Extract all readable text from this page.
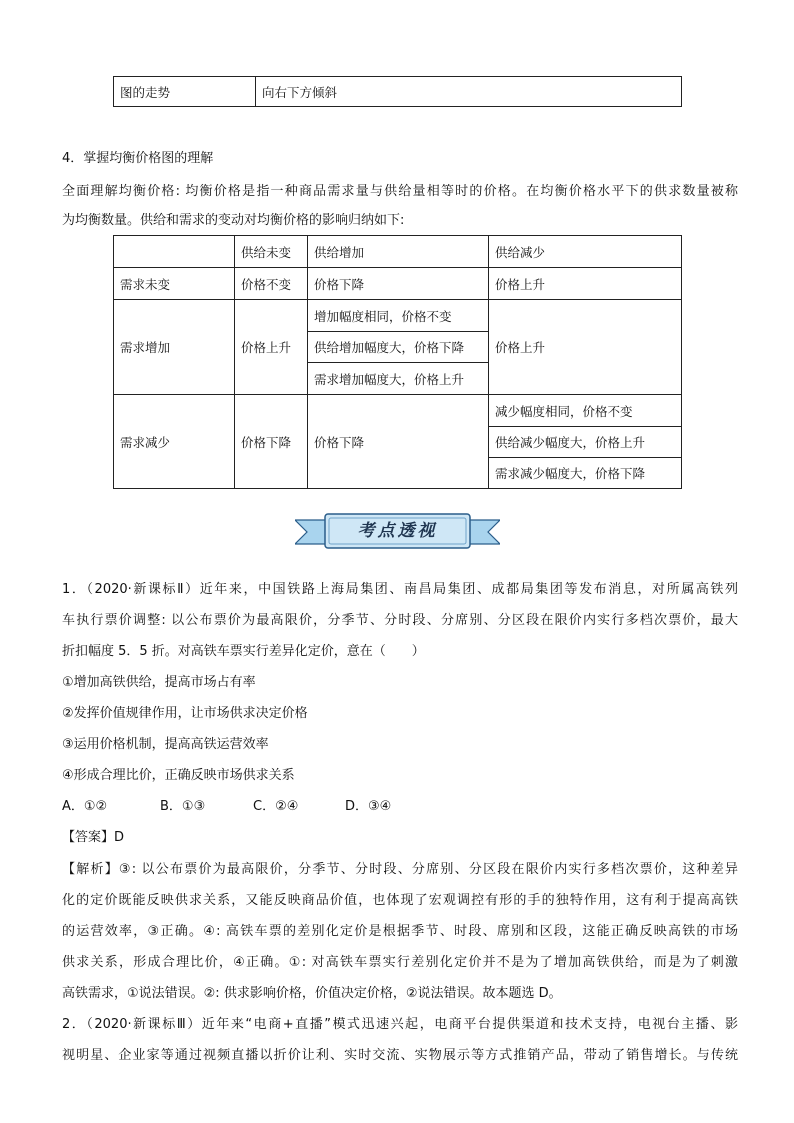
图的走势	向右下方倾斜
4．掌握均衡价格图的理解
全面理解均衡价格: 均衡价格是指一种商品需求量与供给量相等时的价格。在均衡价格水平下的供求数量被称
为均衡数量。供给和需求的变动对均衡价格的影响归纳如下:
	供给未变	供给增加	供给减少
需求未变	价格不变	价格下降	价格上升
需求增加	价格上升	增加幅度相同，价格不变	价格上升
		供给增加幅度大，价格下降	
		需求增加幅度大，价格上升	
需求减少	价格下降	价格下降	减少幅度相同，价格不变
			供给减少幅度大，价格上升
			需求减少幅度大，价格下降
考点透视
1．（2020·新课标Ⅱ）近年来，中国铁路上海局集团、南昌局集团、成都局集团等发布消息，对所属高铁列
车执行票价调整: 以公布票价为最高限价，分季节、分时段、分席别、分区段在限价内实行多档次票价，最大
折扣幅度 5．5 折。对高铁车票实行差异化定价，意在（　　）
①增加高铁供给，提高市场占有率
②发挥价值规律作用，让市场供求决定价格
③运用价格机制，提高高铁运营效率
④形成合理比价，正确反映市场供求关系
A．①②	B．①③	C．②④	D．③④
【答案】D
【解析】③: 以公布票价为最高限价，分季节、分时段、分席别、分区段在限价内实行多档次票价，这种差异
化的定价既能反映供求关系，又能反映商品价值，也体现了宏观调控有形的手的独特作用，这有利于提高高铁
的运营效率，③正确。④: 高铁车票的差别化定价是根据季节、时段、席别和区段，这能正确反映高铁的市场
供求关系，形成合理比价，④正确。①: 对高铁车票实行差别化定价并不是为了增加高铁供给，而是为了刺激
高铁需求，①说法错误。②: 供求影响价格，价值决定价格，②说法错误。故本题选 D。
2．（2020·新课标Ⅲ）近年来“电商+直播”模式迅速兴起，电商平台提供渠道和技术支持，电视台主播、影
视明星、企业家等通过视频直播以折价让利、实时交流、实物展示等方式推销产品，带动了销售增长。与传统
